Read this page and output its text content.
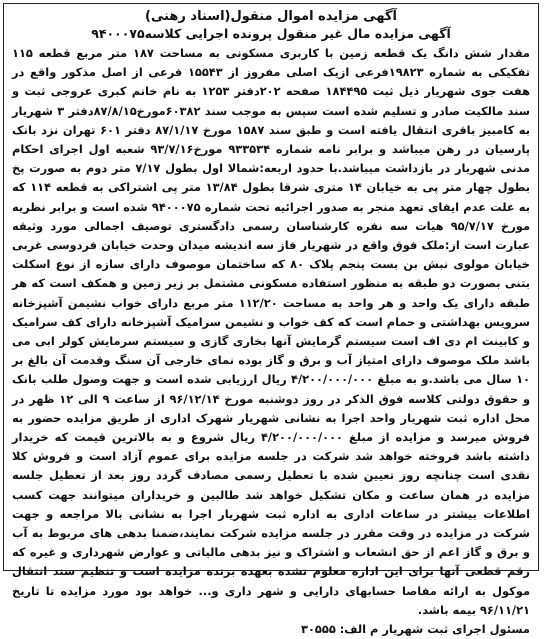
آگهی مزایده اموال منقول(اسناد رهنی)

آگهی مزایده مال غیر منقول پرونده اجرایی کلاسه۹۴۰۰۰۷۵

مقدار شش دانگ یک قطعه زمین با کاربری مسکونی به مساحت ۱۸۷ متر مربع قطعه ۱۱۵ تفکیکی به شماره ۱۹۸۲۳فرعی ازیک اصلی مفروز از ۱۵۵۴۳ فرعی از اصل مذکور واقع در هفت جوی شهریار ذیل ثبت ۱۸۴۴۹۵ صفحه ۲۰۲دفتر ۱۲۵۳ به نام خانم کبری عروجی ثبت و سند مالکیت صادر و تسلیم شده است سپس به موجب سند ۶۰۳۸۲مورخ۸۷/۸/۱۵دفتر ۳ شهریار به کامبیز باقری انتقال یافته است و طبق سند ۱۵۸۷ مورخ ۸۷/۱/۱۷ دفتر ۶۰۱ تهران نزد بانک پارسیان در رهن میباشد و برابر نامه شماره ۹۳۳۵۳۴ مورخ۹۳/۷/۱۶ شعبه اول اجرای احکام مدنی شهریار در بازداشت میباشد.با حدود اربعه:شمالا اول بطول ۷/۱۷ متر دوم به صورت پخ بطول چهار متر پی به خیابان ۱۴ متری شرقا بطول ۱۳/۸۴ متر پی اشتراکی به قطعه ۱۱۴ که به علت عدم ایفای تعهد منجر به صدور اجرائیه تحت شماره ۹۴۰۰۰۷۵ شده است و برابر نظریه مورخ ۹۵/۷/۱۷ هیات سه نفره کارشناسان رسمی دادگستری توصیف اجمالی مورد وثیقه عبارت است از:ملک فوق واقع در شهریار فاز سه اندیشه میدان وحدت خیابان فردوسی غربی خیابان مولوی نبش بن بست پنجم پلاک ۸۰ که ساختمان موصوف دارای سازه از نوع اسکلت بتنی بصورت دو طبقه به منظور استفاده مسکونی مشتمل بر زیر زمین و همکف است که هر طبقه دارای یک واحد و هر واحد به مساحت ۱۱۲/۲۰ متر مربع دارای خواب نشیمن آشپزخانه سرویس بهداشتی و حمام است که کف خواب و نشیمن سرامیک آشپزخانه دارای کف سرامیک و کابینت ام دی اف است سیستم گرمایش آنها بخاری گازی و سیستم سرمایش کولر ابی می باشد ملک موصوف دارای امتیاز آب و برق و گاز بوده نمای خارجی آن سنگ وقدمت آن بالغ بر ۱۰ سال می باشد.و به مبلغ ۴/۲۰۰/۰۰۰/۰۰۰ ریال ارزیابی شده است و جهت وصول طلب بانک و حقوق دولتی کلاسه فوق الذکر در روز دوشنبه مورخ ۹۶/۱۲/۱۴ از ساعت ۹ الی ۱۲ ظهر در محل اداره ثبت شهریار واحد اجرا به نشانی شهریار شهرک اداری از طریق مزایده حضور به فروش میرسد و مزایده از مبلغ ۴/۲۰۰/۰۰۰/۰۰۰ ریال شروع و به بالاترین قیمت که خریدار داشته باشد فروخته خواهد شد شرکت در جلسه مزایده برای عموم آزاد است و فروش کلا نقدی است چنانچه روز تعیین شده با تعطیل رسمی مصادف گردد روز بعد از تعطیل جلسه مزایده در همان ساعت و مکان تشکیل خواهد شد طالبین و خریداران میتوانند جهت کسب اطلاعات بیشتر در ساعات اداری به اداره ثبت شهریار اجرا به نشانی بالا مراجعه و جهت شرکت در مزایده در وقت مقرر در جلسه مزایده شرکت نمایند،ضمنا بدهی های مربوط به آب و برق و گاز اعم از حق انشعاب و اشتراک و نیز بدهی مالیاتی و عوارض شهرداری و غیره که رقم قطعی آنها برای این اداره معلوم نشده بعهده برنده مزایده است و تنظیم سند انتقال موکول به ارائه مفاصا حسابهای دارایی و شهر داری و... خواهد بود مورد مزایده تا تاریخ ۹۶/۱۱/۲۱ بیمه باشد.

مسئول اجرای ثبت شهریار م الف: ۳۰۵۵۵
